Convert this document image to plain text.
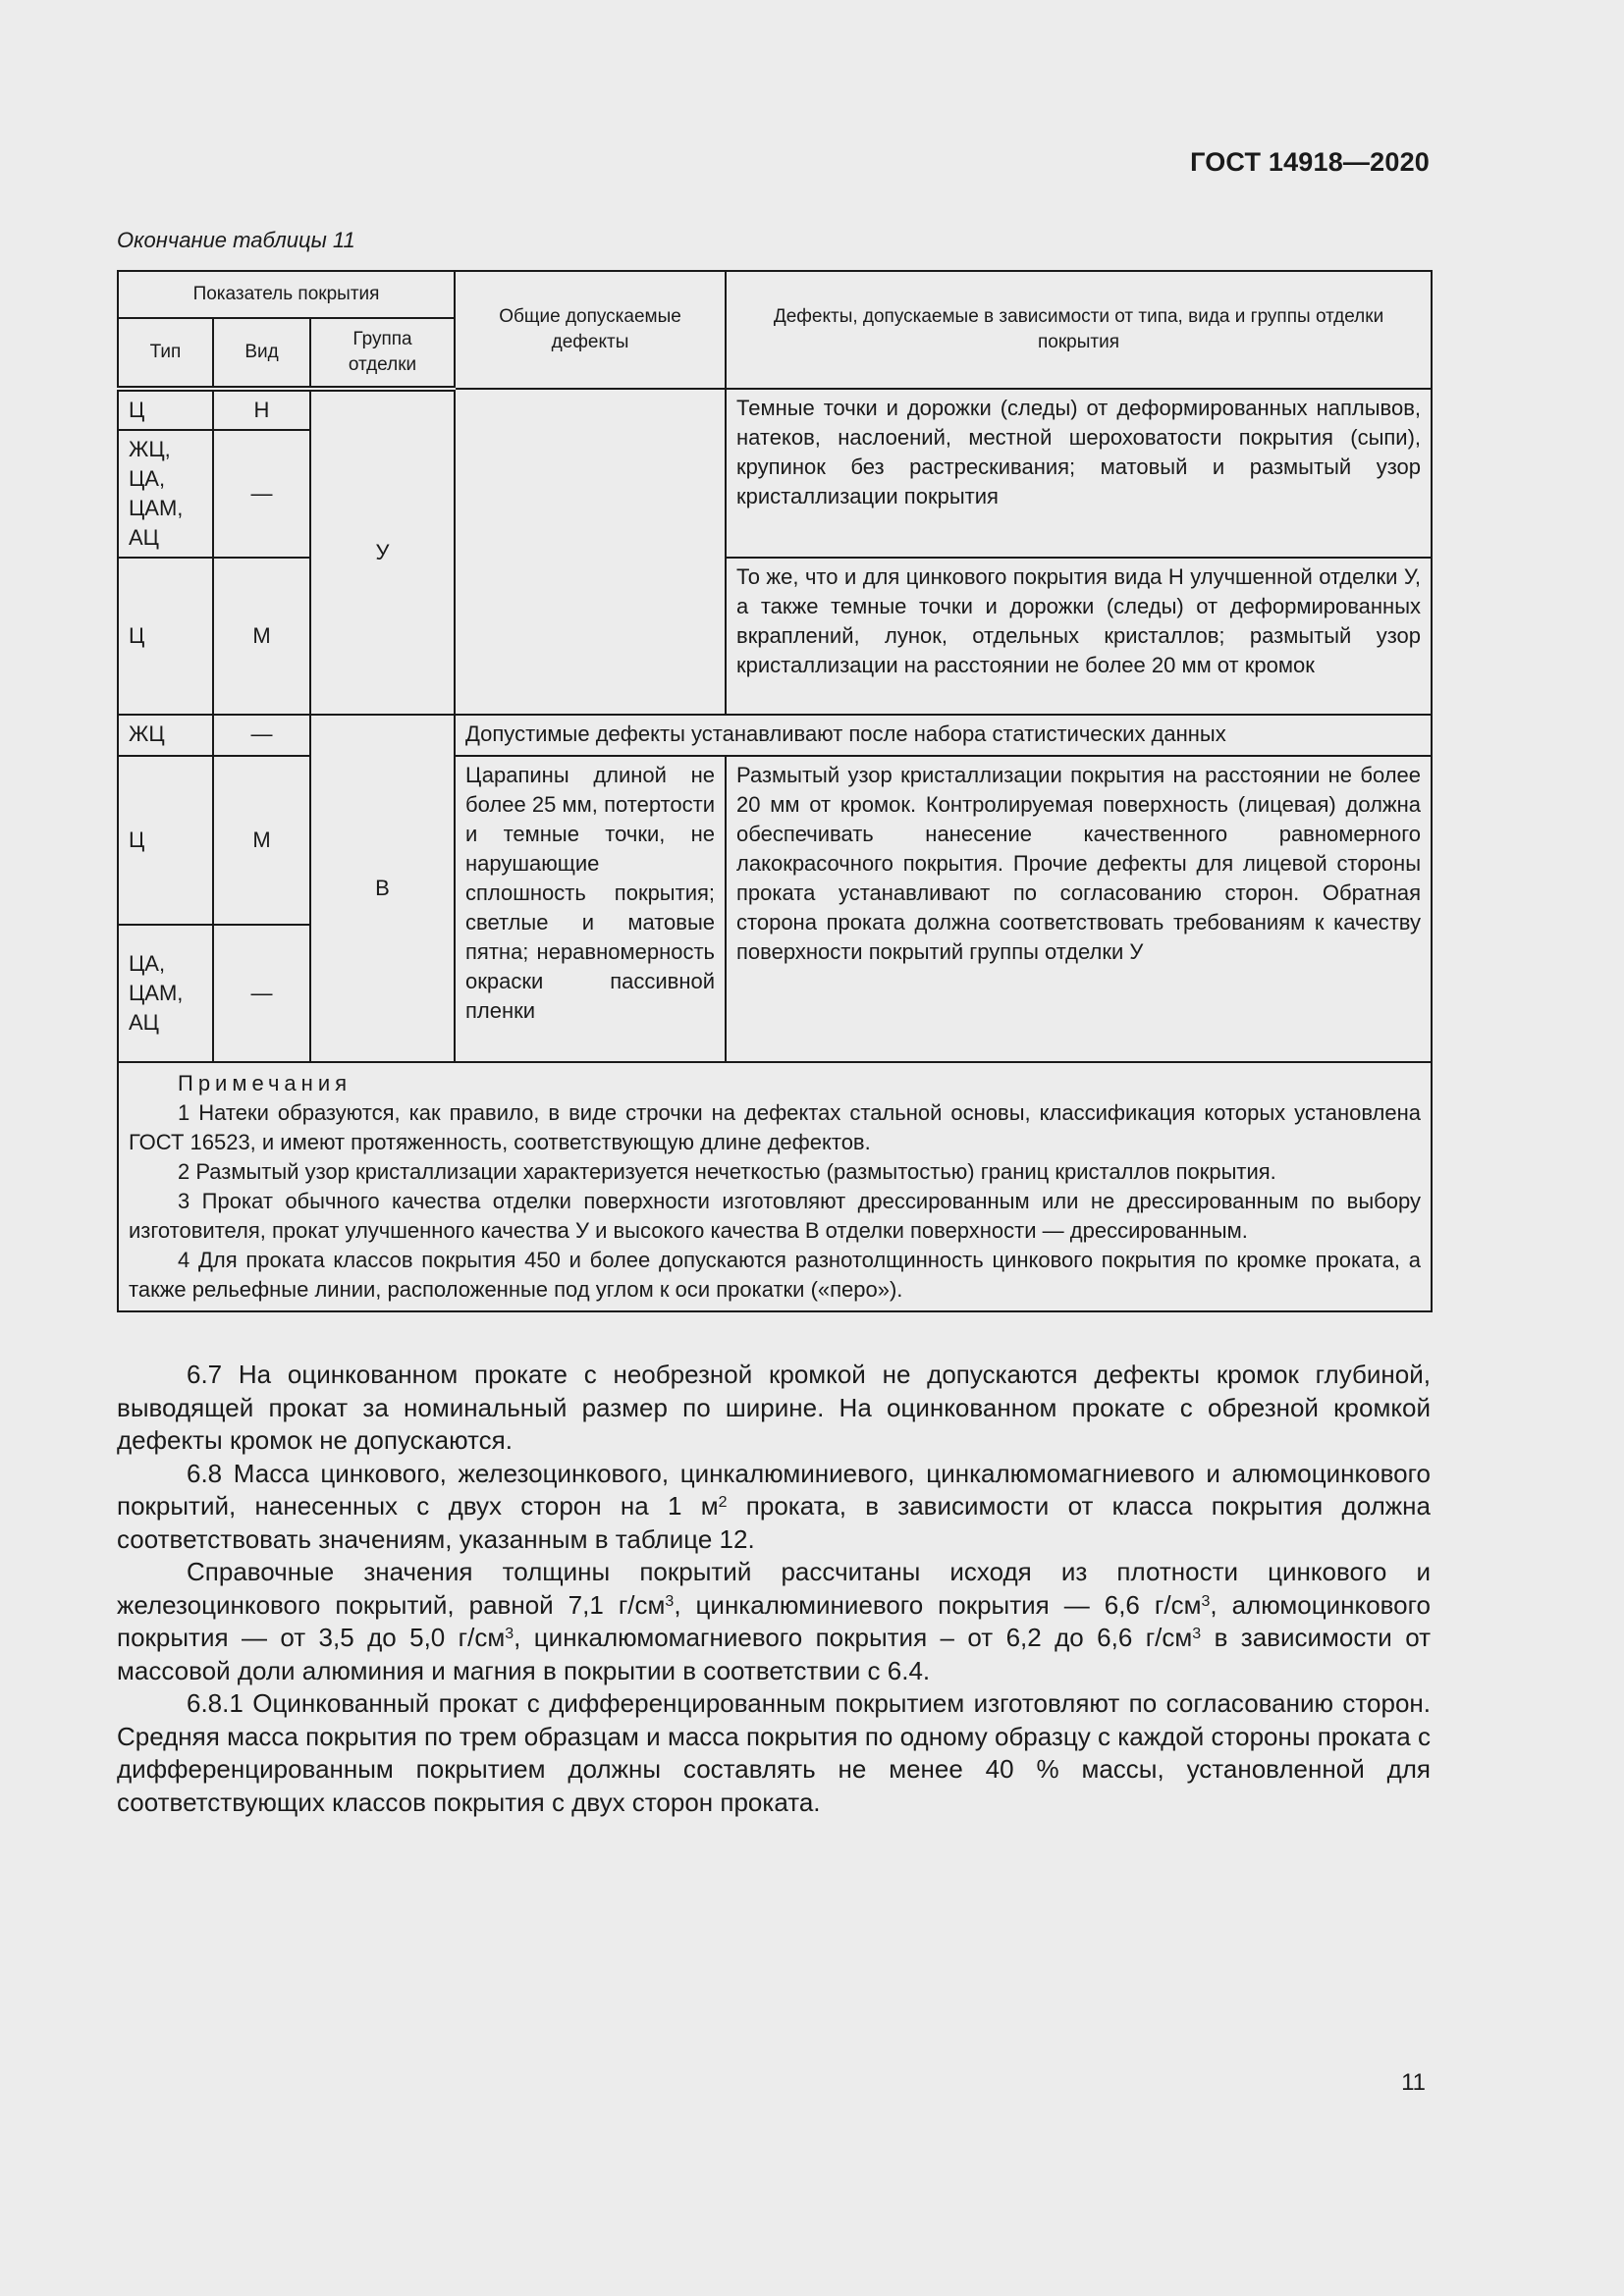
ГОСТ 14918—2020
Окончание таблицы 11
Показатель покрытия			Общие допускаемые дефекты	Дефекты, допускаемые в зависимости от типа, вида и группы отделки покрытия
Тип	Вид	Группа отделки		
Ц	Н	У		Темные точки и дорожки (следы) от деформированных наплывов, натеков, наслоений, местной шероховатости покрытия (сыпи), крупинок без растрескивания; матовый и размытый узор кристаллизации покрытия
ЖЦ, ЦА, ЦАМ, АЦ	—			
Ц	М			То же, что и для цинкового покрытия вида Н улучшенной отделки У, а также темные точки и дорожки (следы) от деформированных вкраплений, лунок, отдельных кристаллов; размытый узор кристаллизации на расстоянии не более 20 мм от кромок
ЖЦ	—	В	Допустимые дефекты устанавливают после набора статистических данных	
Ц	М		Царапины длиной не более 25 мм, потертости и темные точки, не нарушающие сплошность покрытия; светлые и матовые пятна; неравномерность окраски пассивной пленки	Размытый узор кристаллизации покрытия на расстоянии не более 20 мм от кромок. Контролируемая поверхность (лицевая) должна обеспечивать нанесение качественного равномерного лакокрасочного покрытия. Прочие дефекты для лицевой стороны проката устанавливают по согласованию сторон. Обратная сторона проката должна соответствовать требованиям к качеству поверхности покрытий группы отделки У
ЦА, ЦАМ, АЦ	—			

Примечания

1 Натеки образуются, как правило, в виде строчки на дефектах стальной основы, классификация которых установлена ГОСТ 16523, и имеют протяженность, соответствующую длине дефектов.

2 Размытый узор кристаллизации характеризуется нечеткостью (размытостью) границ кристаллов покрытия.

3 Прокат обычного качества отделки поверхности изготовляют дрессированным или не дрессированным по выбору изготовителя, прокат улучшенного качества У и высокого качества В отделки поверхности — дрессированным.

4 Для проката классов покрытия 450 и более допускаются разнотолщинность цинкового покрытия по кромке проката, а также рельефные линии, расположенные под углом к оси прокатки («перо»).				

6.7 На оцинкованном прокате с необрезной кромкой не допускаются дефекты кромок глубиной, выводящей прокат за номинальный размер по ширине. На оцинкованном прокате с обрезной кромкой дефекты кромок не допускаются.

6.8 Масса цинкового, железоцинкового, цинкалюминиевого, цинкалюмомагниевого и алюмоцинкового покрытий, нанесенных с двух сторон на 1 $м^2$ проката, в зависимости от класса покрытия должна соответствовать значениям, указанным в таблице 12.

Справочные значения толщины покрытий рассчитаны исходя из плотности цинкового и железоцинкового покрытий, равной 7,1 $г/см^3$, цинкалюминиевого покрытия — 6,6 $г/см^3$, алюмоцинкового покрытия — от 3,5 до 5,0 $г/см^3$, цинкалюмомагниевого покрытия – от 6,2 до 6,6 $г/см^3$ в зависимости от массовой доли алюминия и магния в покрытии в соответствии с 6.4.

6.8.1 Оцинкованный прокат с дифференцированным покрытием изготовляют по согласованию сторон. Средняя масса покрытия по трем образцам и масса покрытия по одному образцу с каждой стороны проката с дифференцированным покрытием должны составлять не менее 40 % массы, установленной для соответствующих классов покрытия с двух сторон проката.

11
